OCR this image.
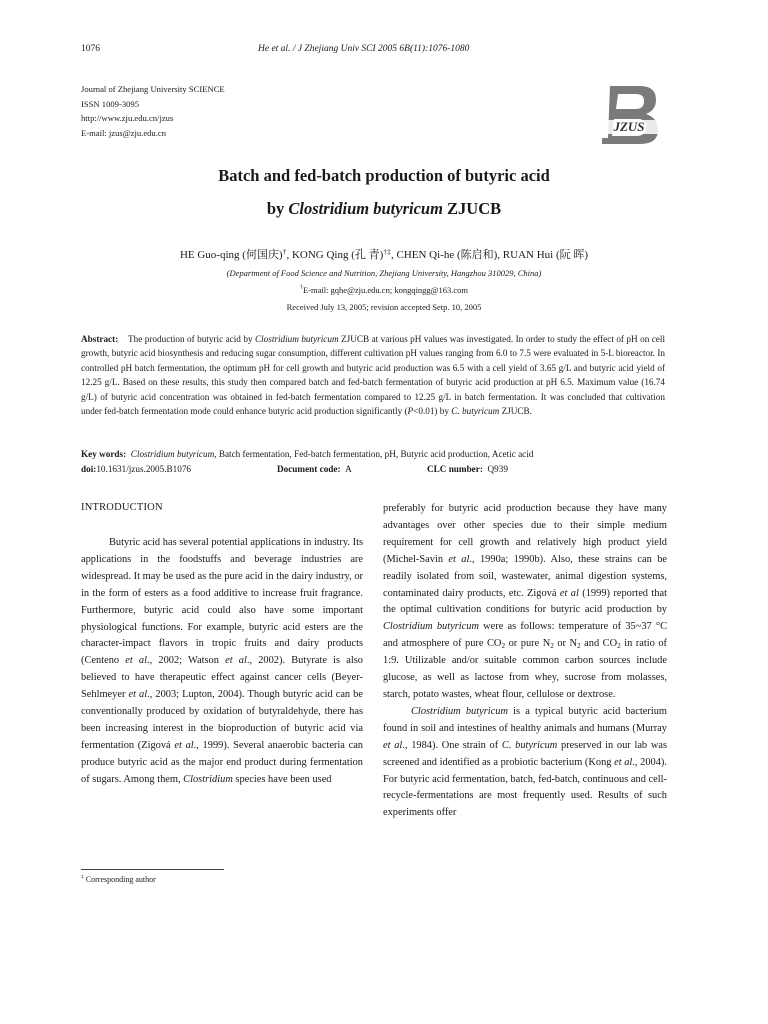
1076	He et al. / J Zhejiang Univ SCI 2005 6B(11):1076-1080
Journal of Zhejiang University SCIENCE
ISSN 1009-3095
http://www.zju.edu.cn/jzus
E-mail: jzus@zju.edu.cn	JZUS
Batch and fed-batch production of butyric acid
by Clostridium butyricum ZJUCB
HE Guo-qing (何国庆)†, KONG Qing (孔 青)†‡, CHEN Qi-he (陈启和), RUAN Hui (阮 晖)
(Department of Food Science and Nutrition, Zhejiang University, Hangzhou 310029, China)
†E-mail: gqhe@zju.edu.cn; kongqingg@163.com
Received July 13, 2005; revision accepted Setp. 10, 2005
Abstract: The production of butyric acid by Clostridium butyricum ZJUCB at various pH values was investigated. In order to study the effect of pH on cell growth, butyric acid biosynthesis and reducing sugar consumption, different cultivation pH values ranging from 6.0 to 7.5 were evaluated in 5-L bioreactor. In controlled pH batch fermentation, the optimum pH for cell growth and butyric acid production was 6.5 with a cell yield of 3.65 g/L and butyric acid yield of 12.25 g/L. Based on these results, this study then compared batch and fed-batch fermentation of butyric acid production at pH 6.5. Maximum value (16.74 g/L) of butyric acid concentration was obtained in fed-batch fermentation compared to 12.25 g/L in batch fermentation. It was concluded that cultivation under fed-batch fermentation mode could enhance butyric acid production significantly (P<0.01) by C. butyricum ZJUCB.
Key words: Clostridium butyricum, Batch fermentation, Fed-batch fermentation, pH, Butyric acid production, Acetic acid
doi:10.1631/jzus.2005.B1076	Document code: A	CLC number: Q939
INTRODUCTION

Butyric acid has several potential applications in industry. Its applications in the foodstuffs and beverage industries are widespread. It may be used as the pure acid in the dairy industry, or in the form of esters as a food additive to increase fruit fragrance. Furthermore, butyric acid could also have some important physiological functions. For example, butyric acid esters are the character-impact flavors in tropic fruits and dairy products (Centeno et al., 2002; Watson et al., 2002). Butyrate is also believed to have therapeutic effect against cancer cells (Beyer-Sehlmeyer et al., 2003; Lupton, 2004). Though butyric acid can be conventionally produced by oxidation of butyraldehyde, there has been increasing interest in the bioproduction of butyric acid via fermentation (Zigová et al., 1999). Several anaerobic bacteria can produce butyric acid as the major end product during fermentation of sugars. Among them, Clostridium species have been used

preferably for butyric acid production because they have many advantages over other species due to their simple medium requirement for cell growth and relatively high product yield (Michel-Savin et al., 1990a; 1990b). Also, these strains can be readily isolated from soil, wastewater, animal digestion systems, contaminated dairy products, etc. Zigová et al (1999) reported that the optimal cultivation conditions for butyric acid production by Clostridium butyricum were as follows: temperature of 35~37 °C and atmosphere of pure $CO_2$ or pure $N_2$ or $N_2$ and $CO_2$ in ratio of 1:9. Utilizable and/or suitable common carbon sources include glucose, as well as lactose from whey, sucrose from molasses, starch, potato wastes, wheat flour, cellulose or dextrose.

Clostridium butyricum is a typical butyric acid bacterium found in soil and intestines of healthy animals and humans (Murray et al., 1984). One strain of C. butyricum preserved in our lab was screened and identified as a probiotic bacterium (Kong et al., 2004). For butyric acid fermentation, batch, fed-batch, continuous and cell-recycle-fermentations are most frequently used. Results of such experiments offer

‡ Corresponding author
